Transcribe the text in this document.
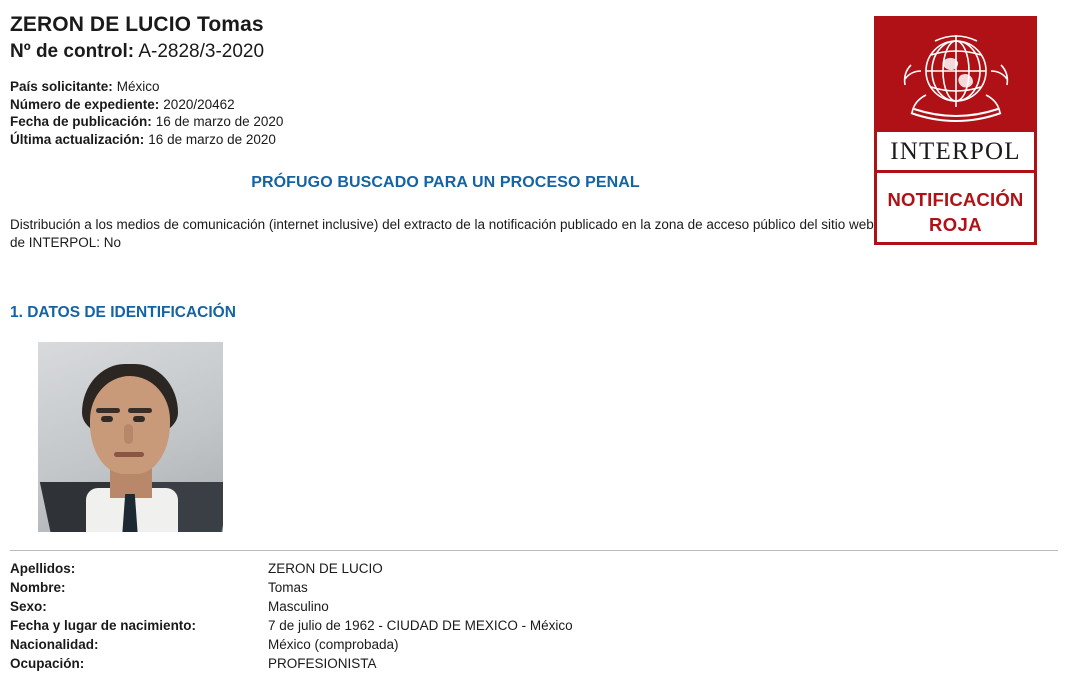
ZERON DE LUCIO Tomas
Nº de control: A-2828/3-2020
País solicitante: México
Número de expediente: 2020/20462
Fecha de publicación: 16 de marzo de 2020
Última actualización: 16 de marzo de 2020	INTERPOL
NOTIFICACIÓN
ROJA
PRÓFUGO BUSCADO PARA UN PROCESO PENAL
Distribución a los medios de comunicación (internet inclusive) del extracto de la notificación publicado en la zona de acceso público del sitio web de INTERPOL: No
1. DATOS DE IDENTIFICACIÓN
Apellidos:	ZERON DE LUCIO
Nombre:	Tomas
Sexo:	Masculino
Fecha y lugar de nacimiento:	7 de julio de 1962 - CIUDAD DE MEXICO - México
Nacionalidad:	México (comprobada)
Ocupación:	PROFESIONISTA
